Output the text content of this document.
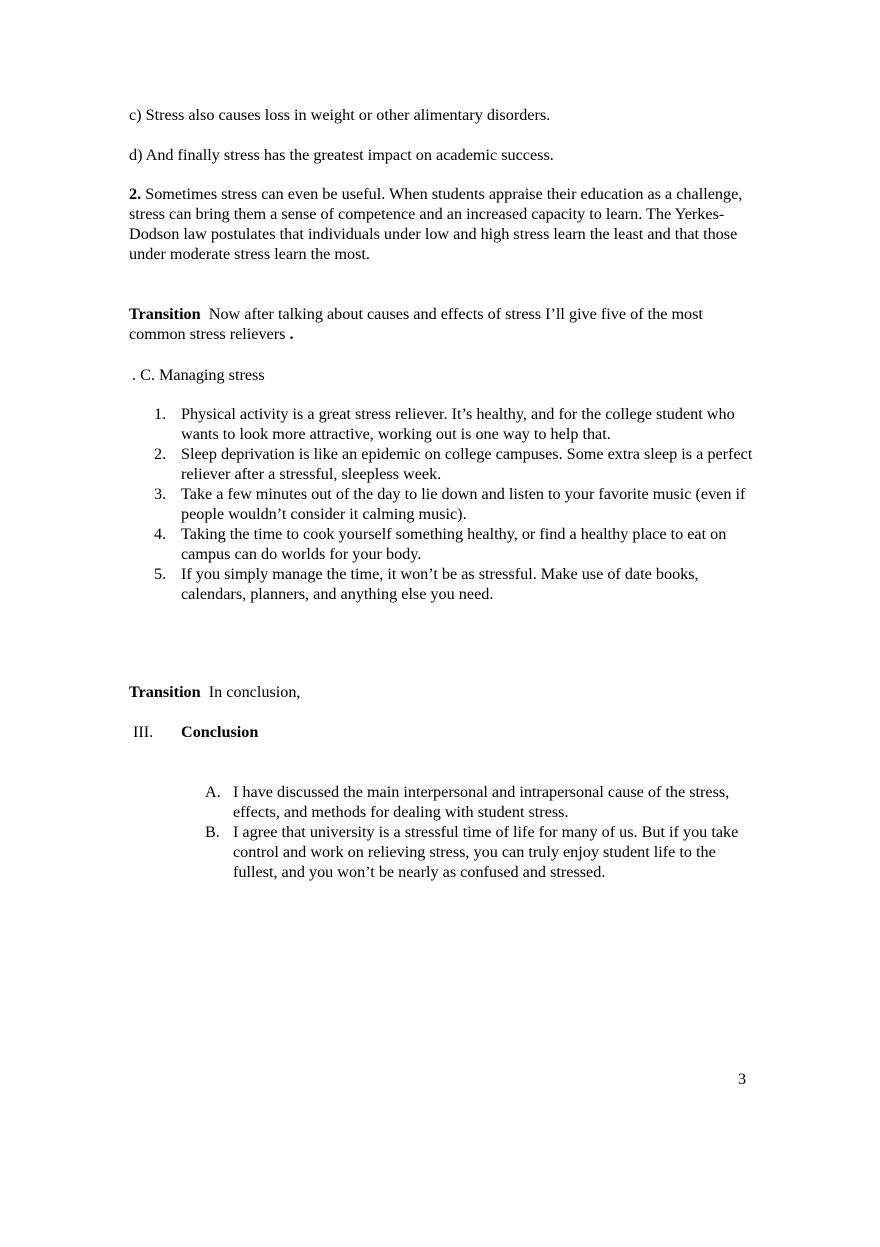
c) Stress also causes loss in weight or other alimentary disorders.

d) And finally stress has the greatest impact on academic success.

2. Sometimes stress can even be useful. When students appraise their education as a challenge, stress can bring them a sense of competence and an increased capacity to learn. The Yerkes-Dodson law postulates that individuals under low and high stress learn the least and that those under moderate stress learn the most.

Transition Now after talking about causes and effects of stress I’ll give five of the most common stress relievers .

. C. Managing stress

1. Physical activity is a great stress reliever. It’s healthy, and for the college student who wants to look more attractive, working out is one way to help that.
2. Sleep deprivation is like an epidemic on college campuses. Some extra sleep is a perfect reliever after a stressful, sleepless week.
3. Take a few minutes out of the day to lie down and listen to your favorite music (even if people wouldn’t consider it calming music).
4. Taking the time to cook yourself something healthy, or find a healthy place to eat on campus can do worlds for your body.
5. If you simply manage the time, it won’t be as stressful. Make use of date books, calendars, planners, and anything else you need.

Transition In conclusion,

III. Conclusion
A. I have discussed the main interpersonal and intrapersonal cause of the stress, effects, and methods for dealing with student stress.
B. I agree that university is a stressful time of life for many of us. But if you take control and work on relieving stress, you can truly enjoy student life to the fullest, and you won’t be nearly as confused and stressed.
3
